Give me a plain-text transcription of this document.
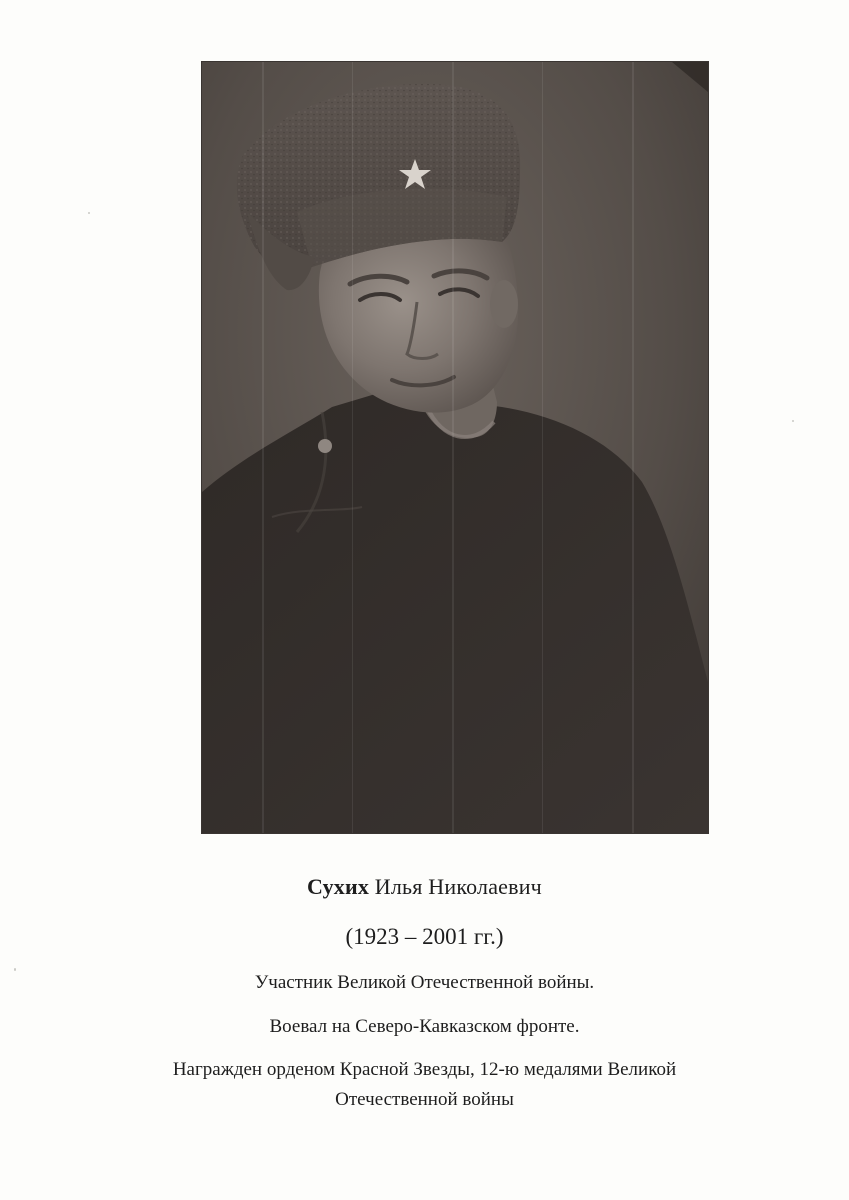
Сухих Илья Николаевич
(1923 – 2001 гг.)
Участник Великой Отечественной войны.
Воевал на Северо-Кавказском фронте.
Награжден орденом Красной Звезды, 12-ю медалями Великой
Отечественной войны
